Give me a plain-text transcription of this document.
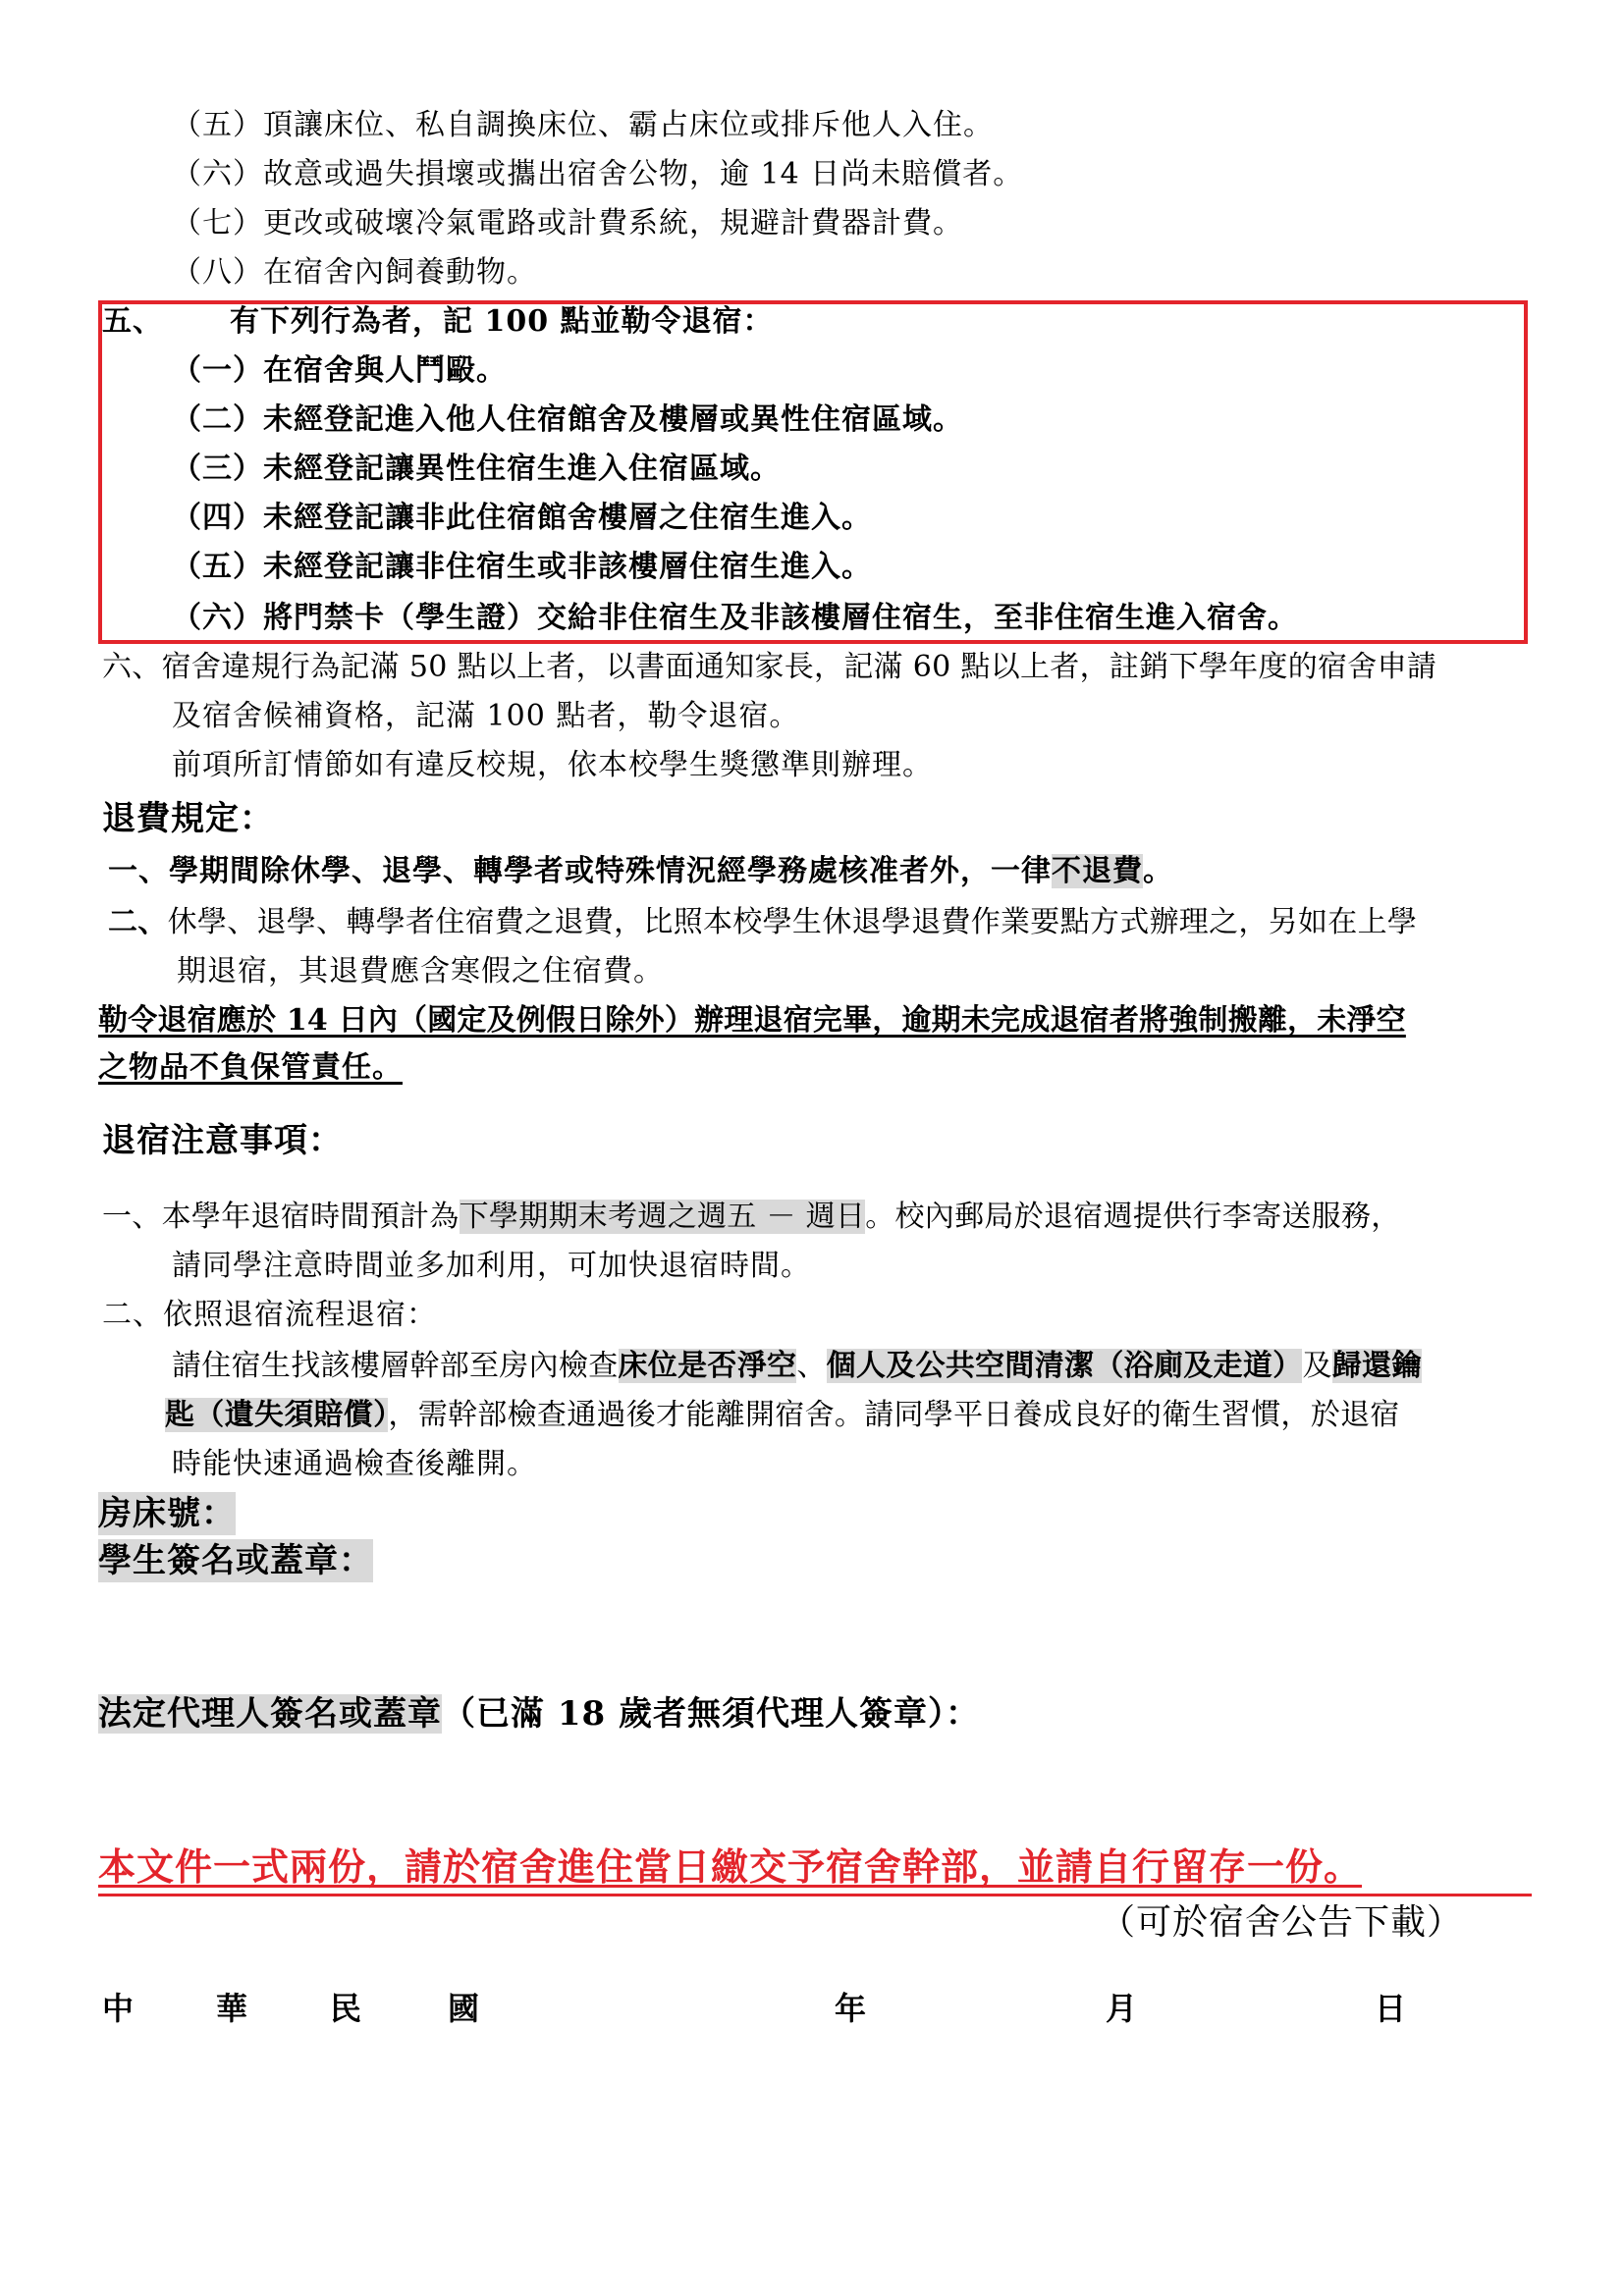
（五）頂讓床位、私自調換床位、霸占床位或排斥他人入住。
（六）故意或過失損壞或攜出宿舍公物，逾 14 日尚未賠償者。
（七）更改或破壞冷氣電路或計費系統，規避計費器計費。
（八）在宿舍內飼養動物。
五、 有下列行為者，記 100 點並勒令退宿：
（一）在宿舍與人鬥毆。
（二）未經登記進入他人住宿館舍及樓層或異性住宿區域。
（三）未經登記讓異性住宿生進入住宿區域。
（四）未經登記讓非此住宿館舍樓層之住宿生進入。
（五）未經登記讓非住宿生或非該樓層住宿生進入。
（六）將門禁卡（學生證）交給非住宿生及非該樓層住宿生，至非住宿生進入宿舍。
六、宿舍違規行為記滿 50 點以上者，以書面通知家長，記滿 60 點以上者，註銷下學年度的宿舍申請
及宿舍候補資格，記滿 100 點者，勒令退宿。
前項所訂情節如有違反校規，依本校學生獎懲準則辦理。
退費規定：
一、學期間除休學、退學、轉學者或特殊情況經學務處核准者外，一律不退費。
二、休學、退學、轉學者住宿費之退費，比照本校學生休退學退費作業要點方式辦理之，另如在上學
期退宿，其退費應含寒假之住宿費。
勒令退宿應於 14 日內（國定及例假日除外）辦理退宿完畢，逾期未完成退宿者將強制搬離，未淨空
之物品不負保管責任。
退宿注意事項：
一、本學年退宿時間預計為下學期期末考週之週五 － 週日。校內郵局於退宿週提供行李寄送服務，
請同學注意時間並多加利用，可加快退宿時間。
二、依照退宿流程退宿：
請住宿生找該樓層幹部至房內檢查床位是否淨空、個人及公共空間清潔（浴廁及走道）及歸還鑰
匙（遺失須賠償），需幹部檢查通過後才能離開宿舍。請同學平日養成良好的衛生習慣，於退宿
時能快速通過檢查後離開。
房床號：
學生簽名或蓋章：
法定代理人簽名或蓋章（已滿 18 歲者無須代理人簽章）：
本文件一式兩份，請於宿舍進住當日繳交予宿舍幹部，並請自行留存一份。
（可於宿舍公告下載）
中	華	民	國	年	月	日
